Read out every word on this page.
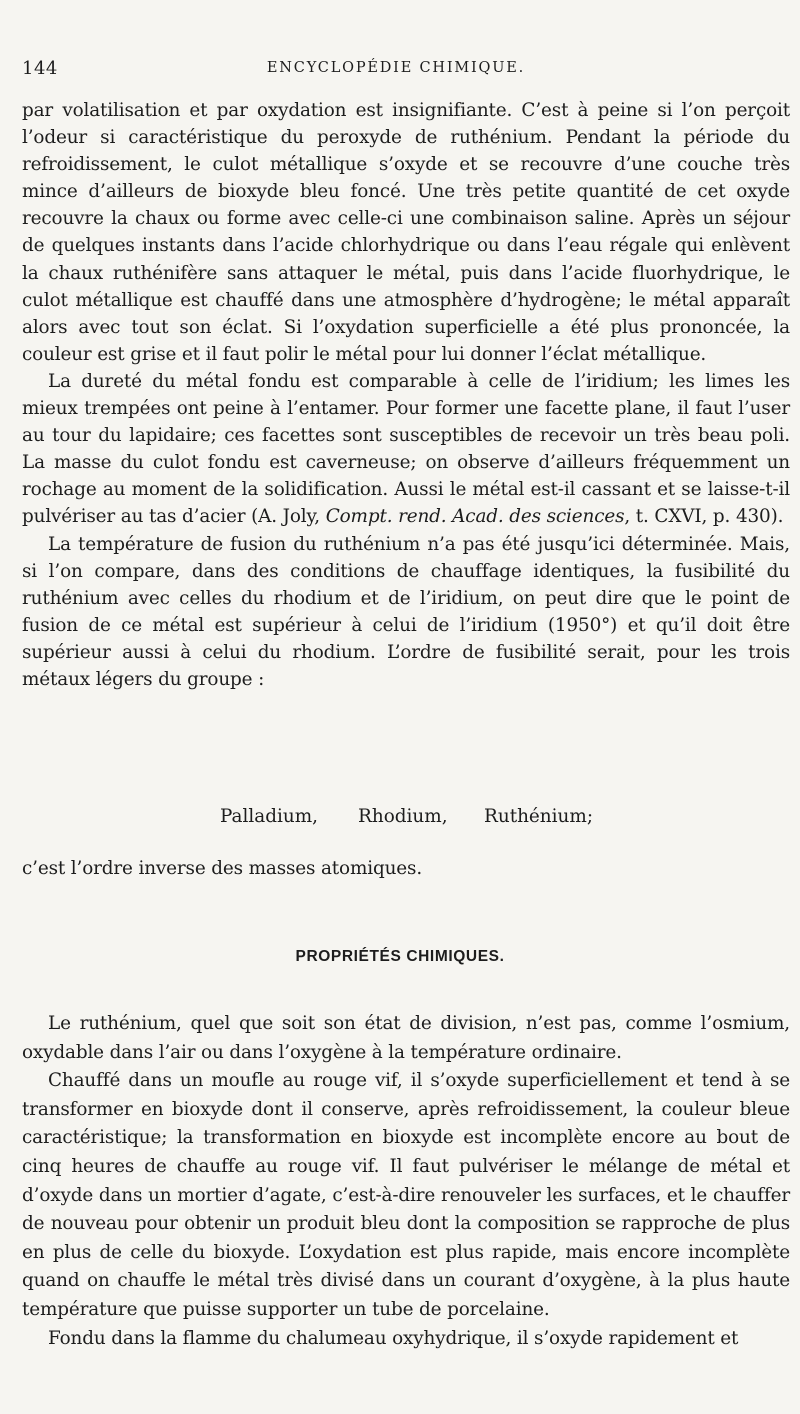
144	ENCYCLOPÉDIE CHIMIQUE.

par volatilisation et par oxydation est insignifiante. C’est à peine si l’on perçoit l’odeur si caractéristique du peroxyde de ruthénium. Pendant la période du refroidissement, le culot métallique s’oxyde et se recouvre d’une couche très mince d’ailleurs de bioxyde bleu foncé. Une très petite quantité de cet oxyde recouvre la chaux ou forme avec celle-ci une combinaison saline. Après un séjour de quelques instants dans l’acide chlorhydrique ou dans l’eau régale qui enlèvent la chaux ruthénifère sans attaquer le métal, puis dans l’acide fluorhydrique, le culot métallique est chauffé dans une atmosphère d’hydrogène; le métal apparaît alors avec tout son éclat. Si l’oxydation superficielle a été plus prononcée, la couleur est grise et il faut polir le métal pour lui donner l’éclat métallique.

La dureté du métal fondu est comparable à celle de l’iridium; les limes les mieux trempées ont peine à l’entamer. Pour former une facette plane, il faut l’user au tour du lapidaire; ces facettes sont susceptibles de recevoir un très beau poli. La masse du culot fondu est caverneuse; on observe d’ailleurs fréquemment un rochage au moment de la solidification. Aussi le métal est-il cassant et se laisse-t-il pulvériser au tas d’acier (A. Joly, Compt. rend. Acad. des sciences, t. CXVI, p. 430).

La température de fusion du ruthénium n’a pas été jusqu’ici déterminée. Mais, si l’on compare, dans des conditions de chauffage identiques, la fusibilité du ruthénium avec celles du rhodium et de l’iridium, on peut dire que le point de fusion de ce métal est supérieur à celui de l’iridium (1950°) et qu’il doit être supérieur aussi à celui du rhodium. L’ordre de fusibilité serait, pour les trois métaux légers du groupe :

Palladium, Rhodium, Ruthénium;

c’est l’ordre inverse des masses atomiques.

PROPRIÉTÉS CHIMIQUES.

Le ruthénium, quel que soit son état de division, n’est pas, comme l’osmium, oxydable dans l’air ou dans l’oxygène à la température ordinaire.

Chauffé dans un moufle au rouge vif, il s’oxyde superficiellement et tend à se transformer en bioxyde dont il conserve, après refroidissement, la couleur bleue caractéristique; la transformation en bioxyde est incomplète encore au bout de cinq heures de chauffe au rouge vif. Il faut pulvériser le mélange de métal et d’oxyde dans un mortier d’agate, c’est-à-dire renouveler les surfaces, et le chauffer de nouveau pour obtenir un produit bleu dont la composition se rapproche de plus en plus de celle du bioxyde. L’oxydation est plus rapide, mais encore incomplète quand on chauffe le métal très divisé dans un courant d’oxygène, à la plus haute température que puisse supporter un tube de porcelaine.

Fondu dans la flamme du chalumeau oxyhydrique, il s’oxyde rapidement et
